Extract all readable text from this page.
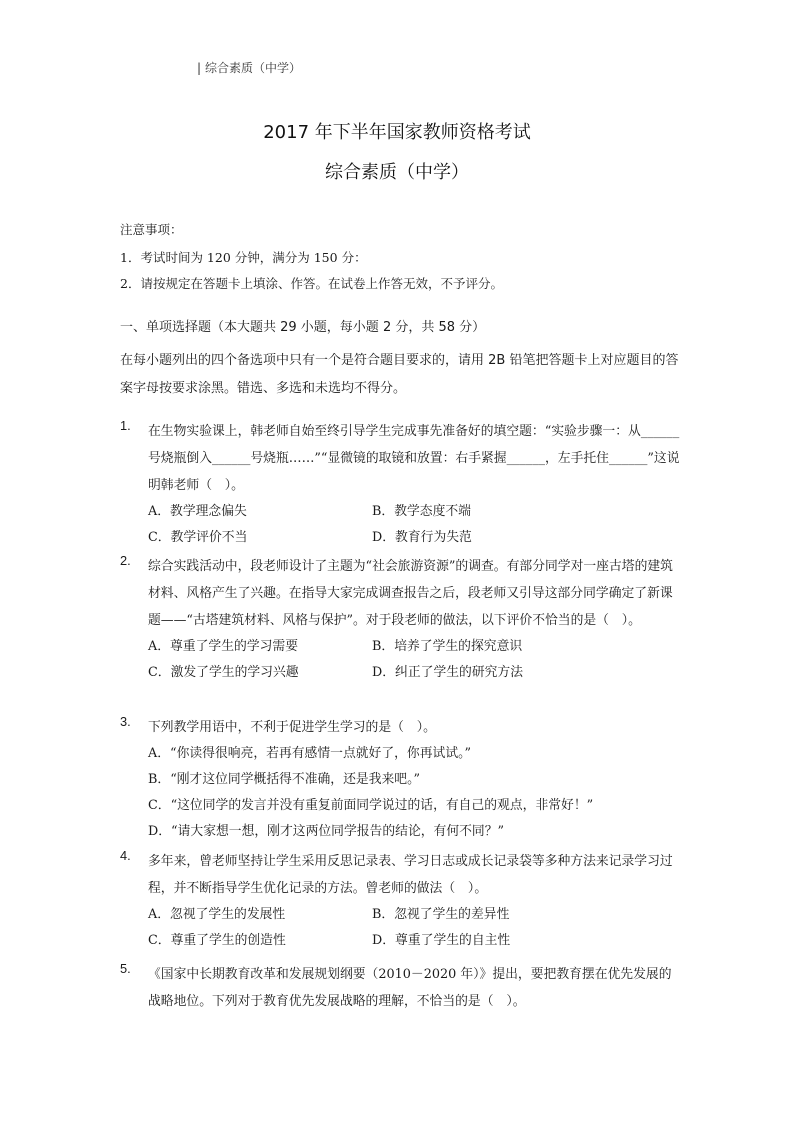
| 综合素质（中学）
2017 年下半年国家教师资格考试
综合素质（中学）
注意事项：
1．考试时间为 120 分钟，满分为 150 分：
2．请按规定在答题卡上填涂、作答。在试卷上作答无效，不予评分。
一、单项选择题（本大题共 29 小题，每小题 2 分，共 58 分）
在每小题列出的四个备选项中只有一个是符合题目要求的，请用 2B 铅笔把答题卡上对应题目的答案字母按要求涂黑。错选、多选和未选均不得分。
1. 在生物实验课上，韩老师自始至终引导学生完成事先准备好的填空题：“实验步骤一：从______号烧瓶倒入______号烧瓶……”“显微镜的取镜和放置：右手紧握______，左手托住______”这说明韩老师（　）。
A．教学理念偏失	B．教学态度不端
C．教学评价不当	D．教育行为失范
2. 综合实践活动中，段老师设计了主题为“社会旅游资源”的调查。有部分同学对一座古塔的建筑材料、风格产生了兴趣。在指导大家完成调查报告之后，段老师又引导这部分同学确定了新课题——“古塔建筑材料、风格与保护”。对于段老师的做法，以下评价不恰当的是（　）。
A．尊重了学生的学习需要	B．培养了学生的探究意识
C．激发了学生的学习兴趣	D．纠正了学生的研究方法
3. 下列教学用语中，不利于促进学生学习的是（　）。
A．“你读得很响亮，若再有感情一点就好了，你再试试。”
B．“刚才这位同学概括得不准确，还是我来吧。”
C．“这位同学的发言并没有重复前面同学说过的话，有自己的观点，非常好！”
D．“请大家想一想，刚才这两位同学报告的结论，有何不同？”
4. 多年来，曾老师坚持让学生采用反思记录表、学习日志或成长记录袋等多种方法来记录学习过程，并不断指导学生优化记录的方法。曾老师的做法（　）。
A．忽视了学生的发展性	B．忽视了学生的差异性
C．尊重了学生的创造性	D．尊重了学生的自主性
5. 《国家中长期教育改革和发展规划纲要（2010－2020 年）》提出，要把教育摆在优先发展的战略地位。下列对于教育优先发展战略的理解，不恰当的是（　）。
